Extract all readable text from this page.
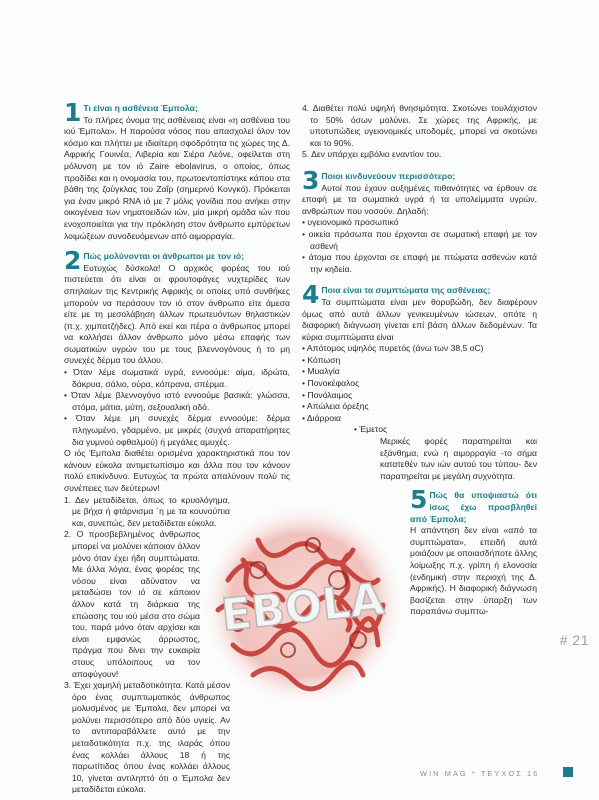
1 Τι είναι η ασθένεια Έμπολα;

Το πλήρες όνομα της ασθένειας είναι «η ασθένεια του ιού Έμπολα». Η παρούσα νόσος που απασχολεί όλον τον κόσμο και πλήττει με ιδιαίτερη σφοδρότητα τις χώρες της Δ. Αφρικής Γουινέα, Λιβερία και Σιέρα Λεόνε, οφείλεται στη μόλυνση με τον ιό Zaire ebolavirus, ο οποίος, όπως προδίδει και η ονομασία του, πρωτοεντοπίστηκε κάπου στα βάθη της ζούγκλας του Ζαΐρ (σημερινό Κονγκό). Πρόκειται για έναν μικρό RNA ιό με 7 μόλις γονίδια που ανήκει στην οικογένεια των νηματοειδών ιών, μία μικρή ομάδα ιών που ενοχοποιείται για την πρόκληση στον άνθρωπο εμπύρετων λοιμώξεων συνοδευόμενων από αιμορραγία.

2 Πώς μολύνονται οι άνθρωποι με τον ιό;

Ευτυχώς δύσκολα! Ο αρχικός φορέας του ιού πιστεύεται ότι είναι οι φρουτοφάγες νυχτερίδες των σπηλαίων της Κεντρικής Αφρικής οι οποίες υπό συνθήκες μπορούν να περάσουν τον ιό στον άνθρωπο είτε άμεσα είτε με τη μεσολάβηση άλλων πρωτευόντων θηλαστικών (π.χ. χιμπατζήδες). Από εκεί και πέρα ο άνθρωπος μπορεί να κολλήσει άλλον άνθρωπο μόνο μέσω επαφής των σωματικών υγρών του με τους βλεννογόνους ή το μη συνεχές δέρμα του άλλου.

• Όταν λέμε σωματικά υγρά, εννοούμε: αίμα, ιδρώτα, δάκρυα, σάλιο, ούρα, κόπρανα, σπέρμα.
• Όταν λέμε βλεννογόνο ιστό εννοούμε βασικά: γλώσσα, στόμα, μάτια, μύτη, σεξουαλική οδό.
• Όταν λέμε μη συνεχές δέρμα εννοούμε: δέρμα πληγωμένο, γδαρμένο, με μικρές (συχνά απαρατήρητες δια γυμνού οφθαλμού) ή μεγάλες αμυχές.

Ο ιός Έμπολα διαθέτει ορισμένα χαρακτηριστικά που τον κάνουν εύκολα αντιμετωπίσιμο και άλλα που τον κάνουν πολύ επικίνδυνο. Ευτυχώς τα πρώτα απαλύνουν πολύ τις συνέπειες των δεύτερων!

1. Δεν μεταδίδεται, όπως το κρυολόγημα, με βήχα ή φτάρνισμα ´η με τα κουνούπια και, συνεπώς, δεν μεταδίδεται εύκολα.
2. Ο προσβεβλημένος άνθρωπος μπορεί να μολύνει κάποιον άλλον μόνο όταν έχει ήδη συμπτώματα. Με άλλα λόγια, ένας φορέας της νόσου είναι αδύνατον να μεταδώσει τον ιό σε κάποιον άλλον κατά τη διάρκεια της επώασης του ιού μέσα στο σώμα του, παρά μόνο όταν αρχίσει και είναι εμφανώς άρρωστος, πράγμα που δίνει την ευκαιρία στους υπόλοιπους να τον αποφύγουν!
3. Έχει χαμηλή μεταδοτικότητα. Κατά μέσον όρο ένας συμπτωματικός άνθρωπος μολυσμένος με Έμπολα, δεν μπορεί να μολύνει περισσότερο από δύο υγιείς. Αν το αντιπαραβάλλετε αυτό με την μεταδοτικότητα π.χ. της ιλαράς όπου ένας κολλάει άλλους 18 ή της παρωτίτιδας όπου ένας κολλάει άλλους 10, γίνεται αντιληπτό ότι ο Έμπολα δεν μεταδίδεται εύκολα.
4. Διαθέτει πολύ υψηλή θνησιμότητα. Σκοτώνει τουλάχιστον το 50% όσων μολύνει. Σε χώρες της Αφρικής, με υποτυπώδεις υγειονομικές υποδομές, μπορεί να σκοτώνει και το 90%.
5. Δεν υπάρχει εμβόλιο εναντίον του.
3 Ποιοι κινδυνεύουν περισσότερο;

Αυτοί που έχουν αυξημένες πιθανότητες να έρθουν σε επαφή με τα σωματικά υγρά ή τα υπολείμματα υγρών, ανθρώπων που νοσούν. Δηλαδή:

• υγειονομικό προσωπικό
• οικεία πρόσωπα που έρχονται σε σωματική επαφή με τον ασθενή
• άτομα που έρχονται σε επαφή με πτώματα ασθενών κατά την κηδεία.
4 Ποια είναι τα συμπτώματα της ασθένειας;

Τα συμπτώματα είναι μεν θορυβώδη, δεν διαφέρουν όμως από αυτά άλλων γενικευμένων ιώσεων, οπότε η διαφορική διάγνωση γίνεται επί βάση άλλων δεδομένων. Τα κύρια συμπτώματα είναι

• Απότομος υψηλός πυρετός (άνω των 38,5 οC)
• Κόπωση
• Μυαλγία
• Πονοκέφαλος
• Πονόλαιμος
• Απώλεια όρεξης
• Διάρροια
• Έμετος

Μερικές φορές παρατηρείται και εξάνθημα, ενώ η αιμορραγία -το σήμα κατατεθέν των ιών αυτού του τύπου- δεν παρατηρείται με μεγάλη συχνότητα.

5 Πώς θα υποψιαστώ ότι ίσως έχω προσβληθεί από Έμπολα;

Η απάντηση δεν είναι «από τα συμπτώματα», επειδή αυτά μοιάζουν με οποιασδήποτε άλλης λοίμωξης π.χ. γρίπη ή ελονοσία (ενδημική στην περιοχή της Δ. Αφρικής). Η διαφορική διάγνωση βασίζεται στην ύπαρξη των παραπάνω συμπτω-

EBOLA	# 21
WIN MAG * ΤΕΥΧΟΣ 16
